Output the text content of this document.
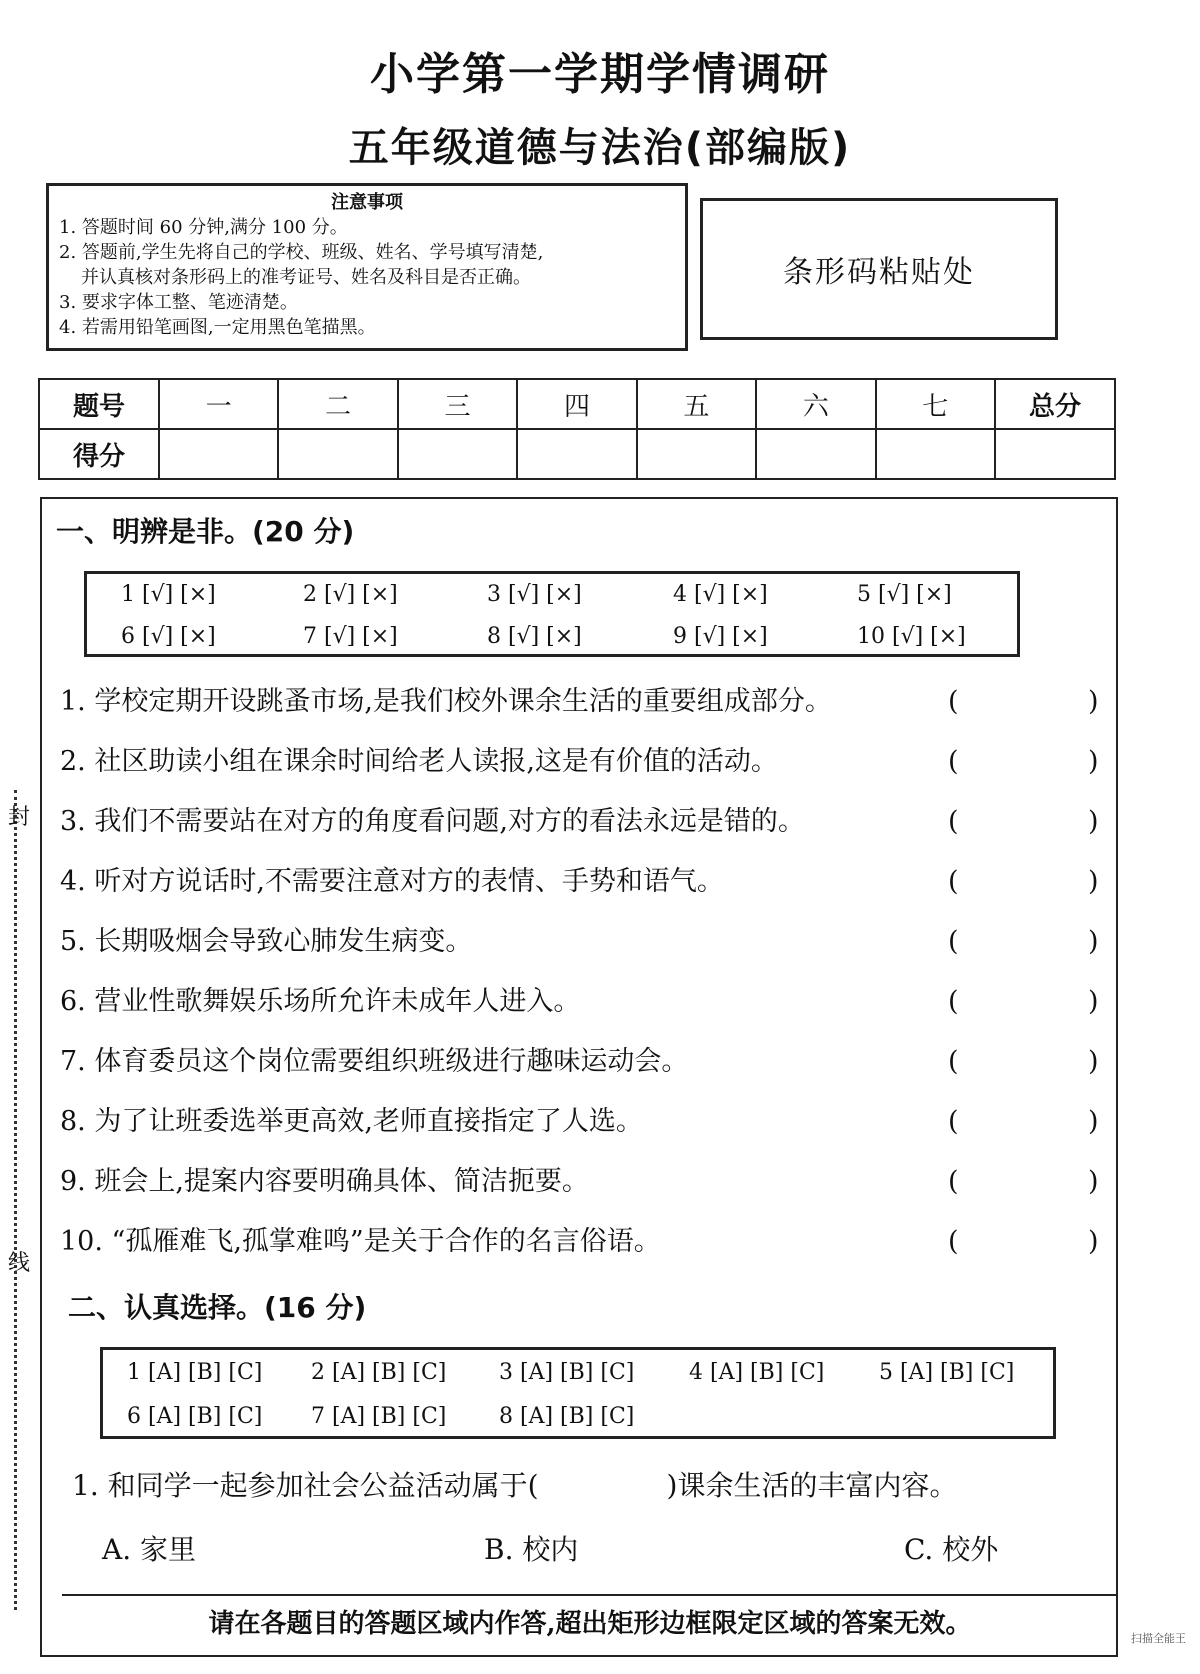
小学第一学期学情调研
五年级道德与法治(部编版)
注意事项
1. 答题时间 60 分钟,满分 100 分。
2. 答题前,学生先将自己的学校、班级、姓名、学号填写清楚,
并认真核对条形码上的准考证号、姓名及科目是否正确。
3. 要求字体工整、笔迹清楚。
4. 若需用铅笔画图,一定用黑色笔描黑。
条形码粘贴处
题号	一	二	三	四	五	六	七	总分
得分								
封
线
一、明辨是非。(20 分)
1 [√] [×]	2 [√] [×]	3 [√] [×]	4 [√] [×]	5 [√] [×]
6 [√] [×]	7 [√] [×]	8 [√] [×]	9 [√] [×]	10 [√] [×]
1. 学校定期开设跳蚤市场,是我们校外课余生活的重要组成部分。	(	)
2. 社区助读小组在课余时间给老人读报,这是有价值的活动。	(	)
3. 我们不需要站在对方的角度看问题,对方的看法永远是错的。	(	)
4. 听对方说话时,不需要注意对方的表情、手势和语气。	(	)
5. 长期吸烟会导致心肺发生病变。	(	)
6. 营业性歌舞娱乐场所允许未成年人进入。	(	)
7. 体育委员这个岗位需要组织班级进行趣味运动会。	(	)
8. 为了让班委选举更高效,老师直接指定了人选。	(	)
9. 班会上,提案内容要明确具体、简洁扼要。	(	)
10. “孤雁难飞,孤掌难鸣”是关于合作的名言俗语。	(	)
二、认真选择。(16 分)
1 [A] [B] [C] 2 [A] [B] [C] 3 [A] [B] [C] 4 [A] [B] [C] 5 [A] [B] [C]
6 [A] [B] [C] 7 [A] [B] [C] 8 [A] [B] [C]
1. 和同学一起参加社会公益活动属于(	)课余生活的丰富内容。
A. 家里	B. 校内	C. 校外
请在各题目的答题区域内作答,超出矩形边框限定区域的答案无效。	扫描全能王
